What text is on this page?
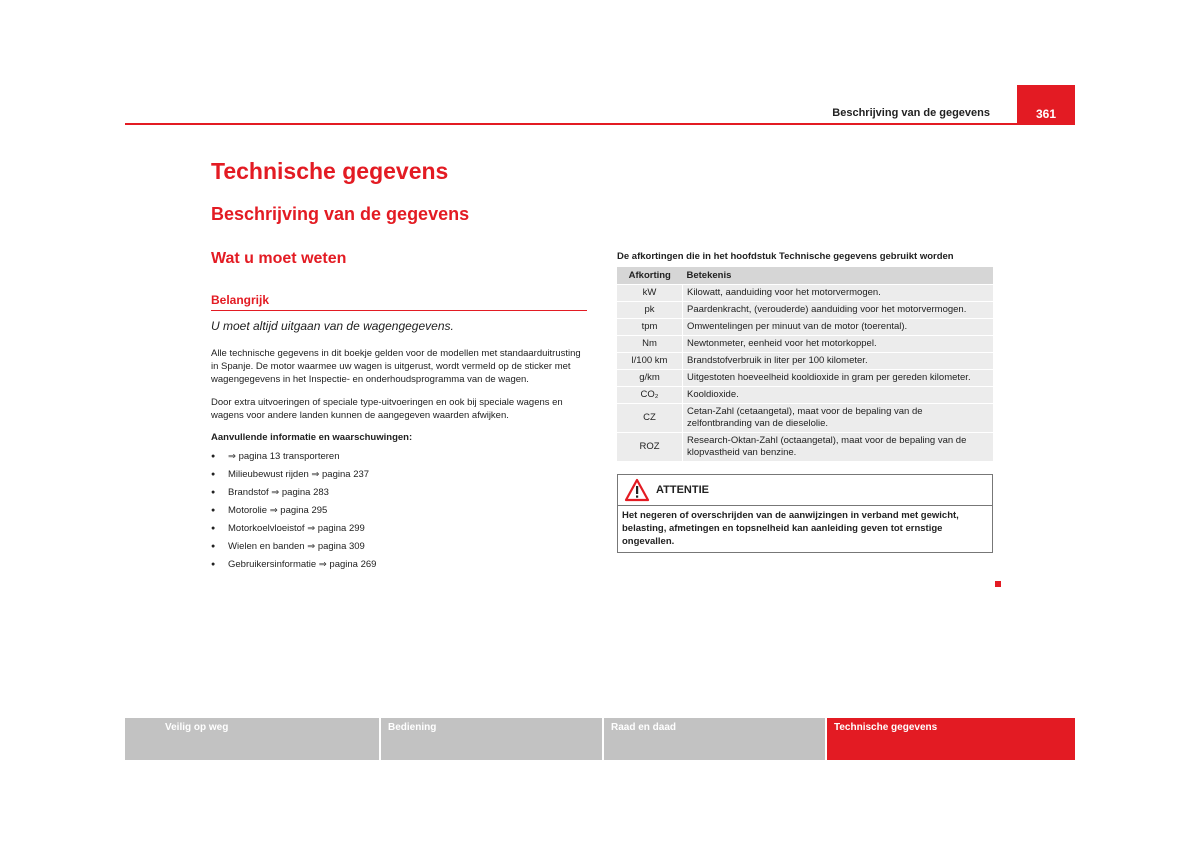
Beschrijving van de gegevens	361
Technische gegevens
Beschrijving van de gegevens
Wat u moet weten
Belangrijk
U moet altijd uitgaan van de wagengegevens.

Alle technische gegevens in dit boekje gelden voor de modellen met standaarduitrusting in Spanje. De motor waarmee uw wagen is uitgerust, wordt vermeld op de sticker met wagengegevens in het Inspectie- en onderhoudsprogramma van de wagen.

Door extra uitvoeringen of speciale type-uitvoeringen en ook bij speciale wagens en wagens voor andere landen kunnen de aangegeven waarden afwijken.

Aanvullende informatie en waarschuwingen:
● ⇒ pagina 13 transporteren
● Milieubewust rijden ⇒ pagina 237
● Brandstof ⇒ pagina 283
● Motorolie ⇒ pagina 295
● Motorkoelvloeistof ⇒ pagina 299
● Wielen en banden ⇒ pagina 309
● Gebruikersinformatie ⇒ pagina 269
De afkortingen die in het hoofdstuk Technische gegevens gebruikt worden
Afkorting	Betekenis
kW	Kilowatt, aanduiding voor het motorvermogen.
pk	Paardenkracht, (verouderde) aanduiding voor het motorvermogen.
tpm	Omwentelingen per minuut van de motor (toerental).
Nm	Newtonmeter, eenheid voor het motorkoppel.
l/100 km	Brandstofverbruik in liter per 100 kilometer.
g/km	Uitgestoten hoeveelheid kooldioxide in gram per gereden kilometer.
CO₂	Kooldioxide.
CZ	Cetan-Zahl (cetaangetal), maat voor de bepaling van de zelfontbranding van de dieselolie.
ROZ	Research-Oktan-Zahl (octaangetal), maat voor de bepaling van de klopvastheid van benzine.
ATTENTIE
Het negeren of overschrijden van de aanwijzingen in verband met gewicht, belasting, afmetingen en topsnelheid kan aanleiding geven tot ernstige ongevallen.
Veilig op weg	Bediening	Raad en daad	Technische gegevens
